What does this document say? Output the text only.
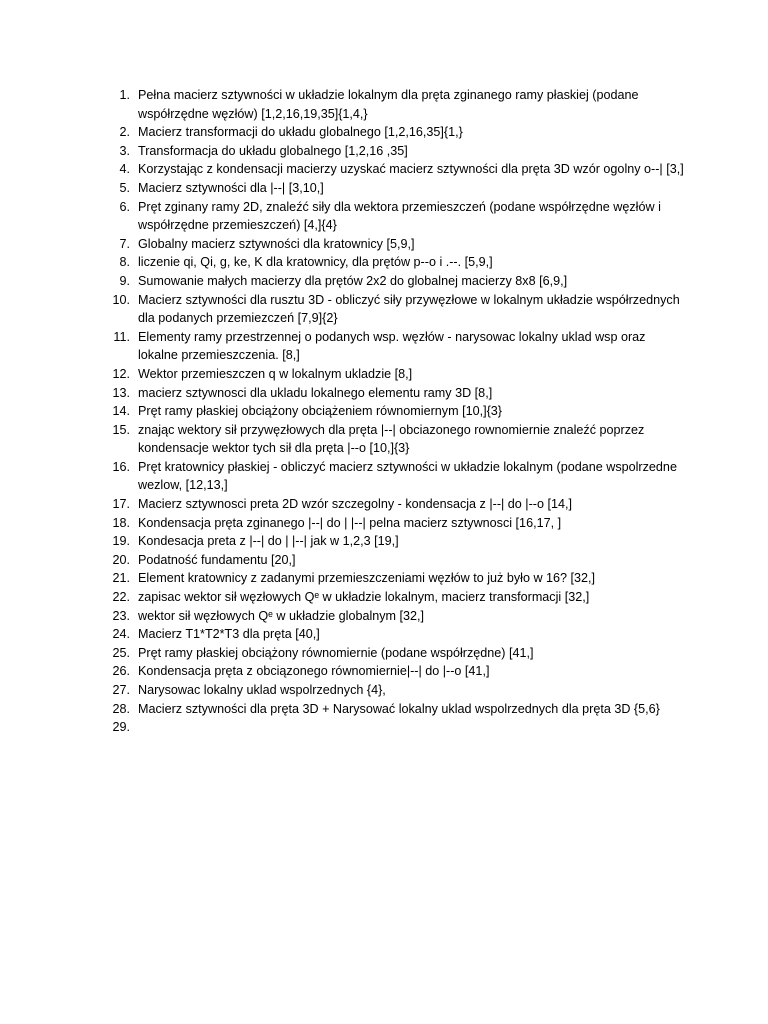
1. Pełna macierz sztywności w układzie lokalnym dla pręta zginanego ramy płaskiej (podane współrzędne węzłów) [1,2,16,19,35]{1,4,}
2. Macierz transformacji do układu globalnego [1,2,16,35]{1,}
3. Transformacja do układu globalnego [1,2,16 ,35]
4. Korzystając z kondensacji macierzy uzyskać macierz sztywności dla pręta 3D wzór ogolny o--| [3,]
5. Macierz sztywności dla |--| [3,10,]
6. Pręt zginany ramy 2D, znaleźć siły dla wektora przemieszczeń (podane współrzędne węzłów i współrzędne przemieszczeń) [4,]{4}
7. Globalny macierz sztywności dla kratownicy [5,9,]
8. liczenie qi, Qi, g, ke, K dla kratownicy, dla prętów p--o i .--. [5,9,]
9. Sumowanie małych macierzy dla prętów 2x2 do globalnej macierzy 8x8 [6,9,]
10. Macierz sztywności dla rusztu 3D - obliczyć siły przywęzłowe w lokalnym układzie współrzednych dla podanych przemiezczeń [7,9]{2}
11. Elementy ramy przestrzennej o podanych wsp. węzłów - narysowac lokalny uklad wsp oraz lokalne przemieszczenia. [8,]
12. Wektor przemieszczen q w lokalnym ukladzie [8,]
13. macierz sztywnosci dla ukladu lokalnego elementu ramy 3D [8,]
14. Pręt ramy płaskiej obciążony obciążeniem równomiernym [10,]{3}
15. znając wektory sił przywęzłowych dla pręta |--| obciazonego rownomiernie znaleźć poprzez kondensacje wektor tych sił dla pręta |--o [10,]{3}
16. Pręt kratownicy płaskiej - obliczyć macierz sztywności w układzie lokalnym (podane wspolrzedne wezlow, [12,13,]
17. Macierz sztywnosci preta 2D wzór szczegolny - kondensacja z |--| do |--o [14,]
18. Kondensacja pręta zginanego |--| do | |--| pelna macierz sztywnosci [16,17, ]
19. Kondesacja preta z |--| do | |--| jak w 1,2,3 [19,]
20. Podatność fundamentu [20,]
21. Element kratownicy z zadanymi przemieszczeniami węzłów to już było w 16? [32,]
22. zapisac wektor sił węzłowych Qᵉ w układzie lokalnym, macierz transformacji [32,]
23. wektor sił węzłowych Qᵉ w układzie globalnym [32,]
24. Macierz T1*T2*T3 dla pręta [40,]
25. Pręt ramy płaskiej obciążony równomiernie (podane współrzędne) [41,]
26. Kondensacja pręta z obciązonego równomiernie|--| do |--o [41,]
27. Narysowac lokalny uklad wspolrzednych {4},
28. Macierz sztywności dla pręta 3D + Narysować lokalny uklad wspolrzednych dla pręta 3D {5,6}
29.
